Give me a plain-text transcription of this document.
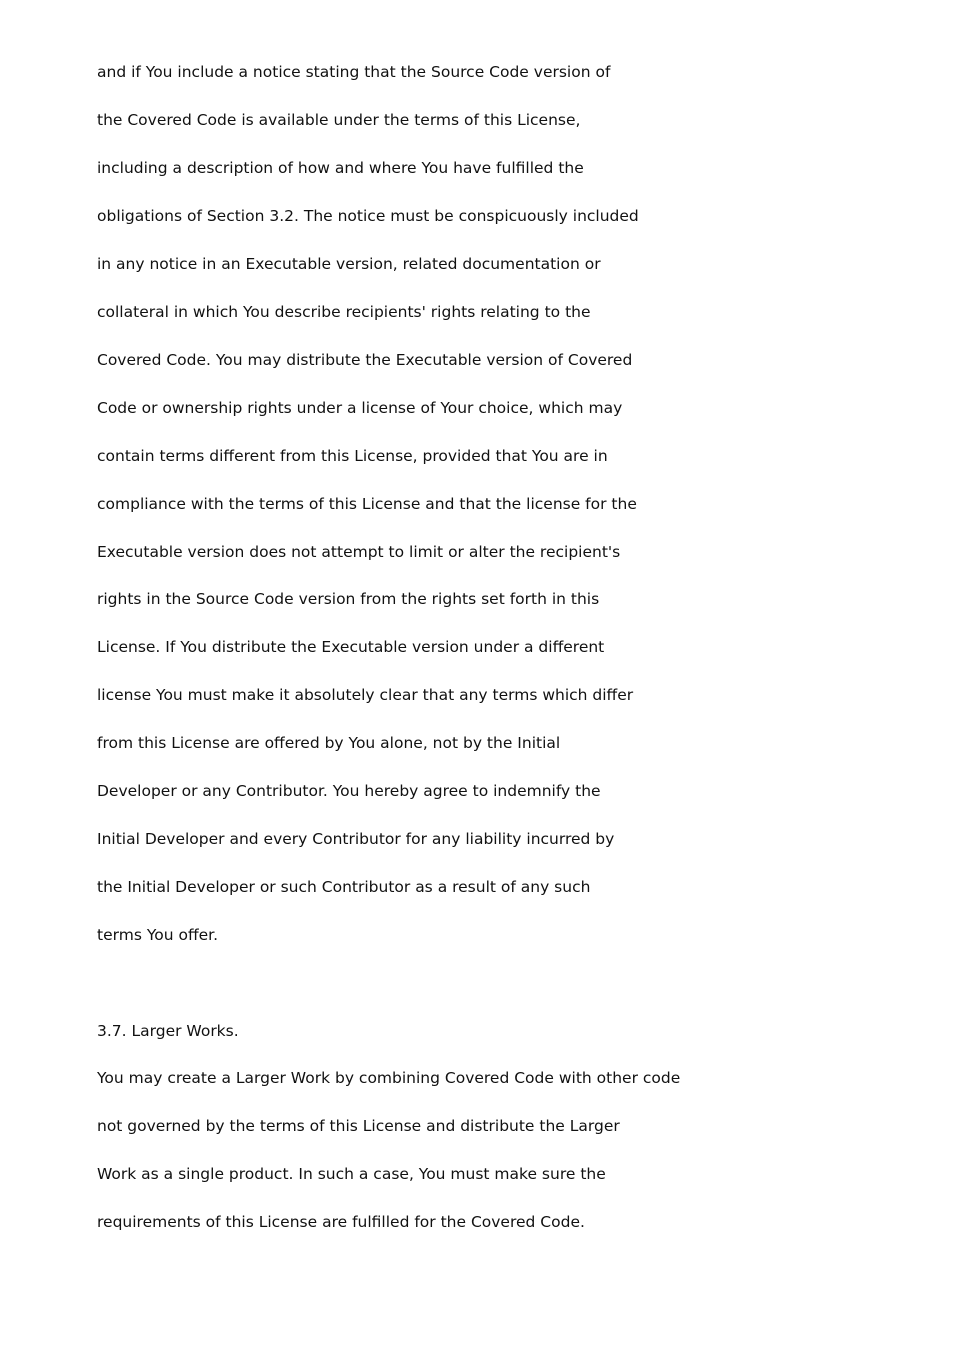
and if You include a notice stating that the Source Code version of

the Covered Code is available under the terms of this License,

including a description of how and where You have fulfilled the

obligations of Section 3.2. The notice must be conspicuously included

in any notice in an Executable version, related documentation or

collateral in which You describe recipients' rights relating to the

Covered Code. You may distribute the Executable version of Covered

Code or ownership rights under a license of Your choice, which may

contain terms different from this License, provided that You are in

compliance with the terms of this License and that the license for the

Executable version does not attempt to limit or alter the recipient's

rights in the Source Code version from the rights set forth in this

License. If You distribute the Executable version under a different

license You must make it absolutely clear that any terms which differ

from this License are offered by You alone, not by the Initial

Developer or any Contributor. You hereby agree to indemnify the

Initial Developer and every Contributor for any liability incurred by

the Initial Developer or such Contributor as a result of any such

terms You offer.

3.7. Larger Works.

You may create a Larger Work by combining Covered Code with other code

not governed by the terms of this License and distribute the Larger

Work as a single product. In such a case, You must make sure the

requirements of this License are fulfilled for the Covered Code.
